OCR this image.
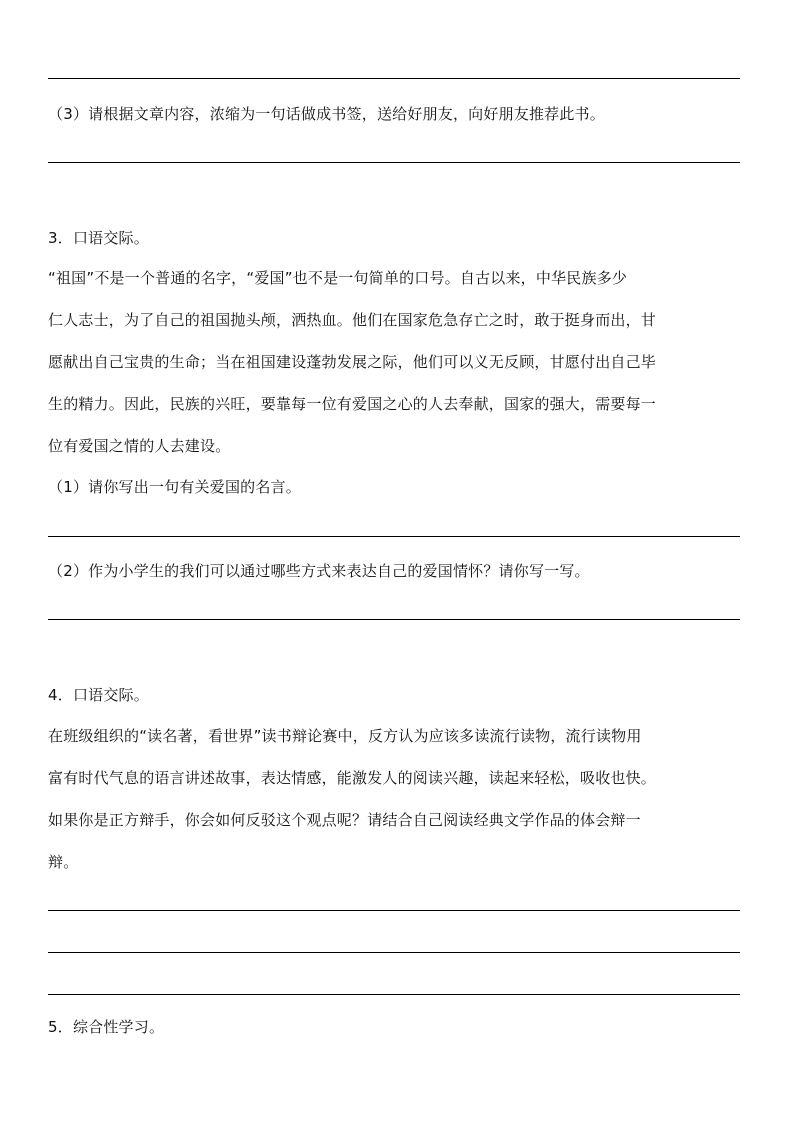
（3）请根据文章内容，浓缩为一句话做成书签，送给好朋友，向好朋友推荐此书。
3．口语交际。
“祖国”不是一个普通的名字，“爱国”也不是一句简单的口号。自古以来，中华民族多少
仁人志士，为了自己的祖国抛头颅，洒热血。他们在国家危急存亡之时，敢于挺身而出，甘
愿献出自己宝贵的生命；当在祖国建设蓬勃发展之际，他们可以义无反顾，甘愿付出自己毕
生的精力。因此，民族的兴旺，要靠每一位有爱国之心的人去奉献，国家的强大，需要每一
位有爱国之情的人去建设。
（1）请你写出一句有关爱国的名言。
（2）作为小学生的我们可以通过哪些方式来表达自己的爱国情怀？请你写一写。
4．口语交际。
在班级组织的“读名著，看世界”读书辩论赛中，反方认为应该多读流行读物，流行读物用
富有时代气息的语言讲述故事，表达情感，能激发人的阅读兴趣，读起来轻松，吸收也快。
如果你是正方辩手，你会如何反驳这个观点呢？请结合自己阅读经典文学作品的体会辩一
辩。
5．综合性学习。
